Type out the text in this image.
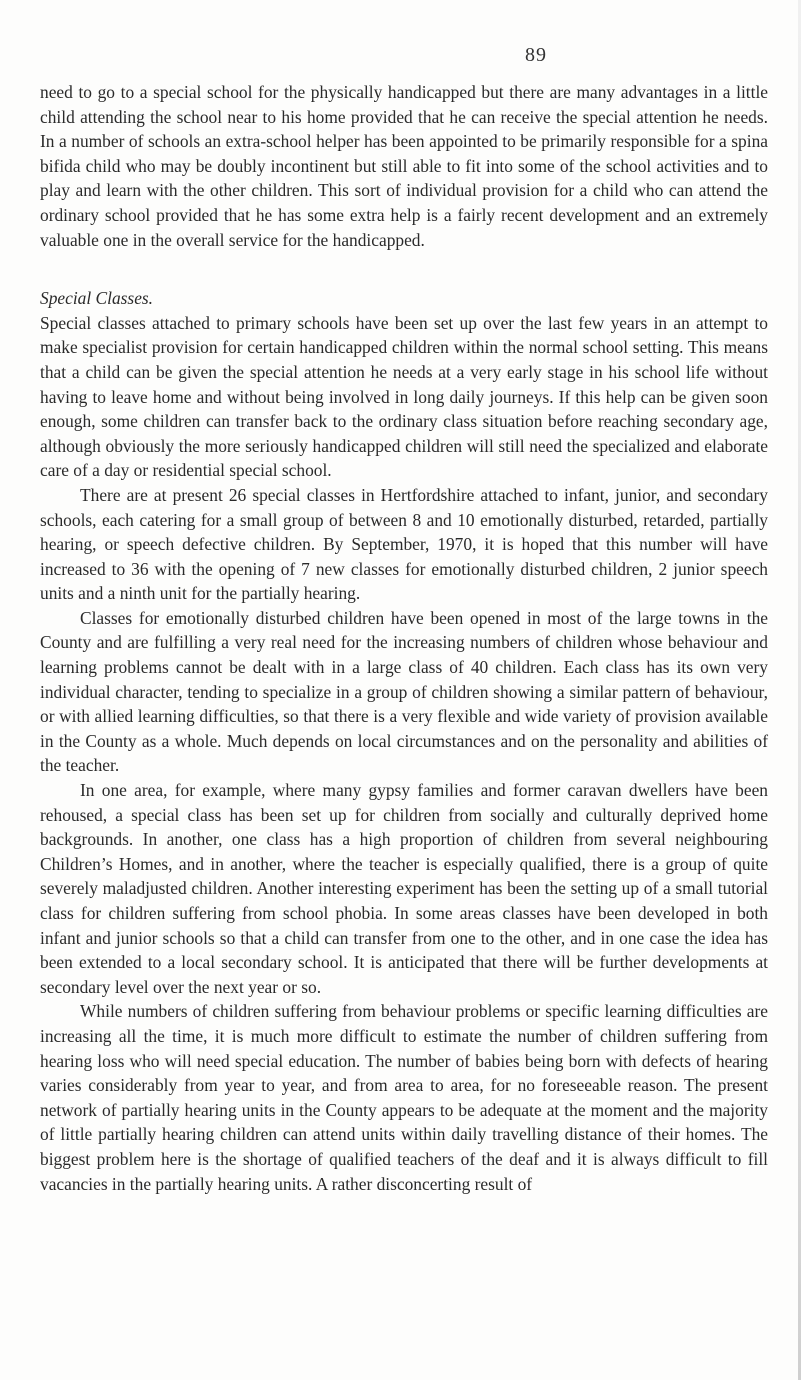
89

need to go to a special school for the physically handicapped but there are many advantages in a little child attending the school near to his home provided that he can receive the special attention he needs. In a number of schools an extra-school helper has been appointed to be primarily responsible for a spina bifida child who may be doubly incontinent but still able to fit into some of the school activities and to play and learn with the other children. This sort of individual provision for a child who can attend the ordinary school provided that he has some extra help is a fairly recent development and an extremely valuable one in the overall service for the handicapped.

Special Classes.

Special classes attached to primary schools have been set up over the last few years in an attempt to make specialist provision for certain handicapped children within the normal school setting. This means that a child can be given the special attention he needs at a very early stage in his school life without having to leave home and without being involved in long daily journeys. If this help can be given soon enough, some children can transfer back to the ordinary class situation before reaching secondary age, although obviously the more seriously handicapped children will still need the specialized and elaborate care of a day or residential special school.

There are at present 26 special classes in Hertfordshire attached to infant, junior, and secondary schools, each catering for a small group of between 8 and 10 emotionally disturbed, retarded, partially hearing, or speech defective children. By September, 1970, it is hoped that this number will have increased to 36 with the opening of 7 new classes for emotionally disturbed children, 2 junior speech units and a ninth unit for the partially hearing.

Classes for emotionally disturbed children have been opened in most of the large towns in the County and are fulfilling a very real need for the increasing numbers of children whose behaviour and learning problems cannot be dealt with in a large class of 40 children. Each class has its own very individual character, tending to specialize in a group of children showing a similar pattern of behaviour, or with allied learning difficulties, so that there is a very flexible and wide variety of provision available in the County as a whole. Much depends on local circumstances and on the personality and abilities of the teacher.

In one area, for example, where many gypsy families and former caravan dwellers have been rehoused, a special class has been set up for children from socially and culturally deprived home backgrounds. In another, one class has a high proportion of children from several neighbouring Children’s Homes, and in another, where the teacher is especially qualified, there is a group of quite severely maladjusted children. Another interesting experiment has been the setting up of a small tutorial class for children suffering from school phobia. In some areas classes have been developed in both infant and junior schools so that a child can transfer from one to the other, and in one case the idea has been extended to a local secondary school. It is anticipated that there will be further developments at secondary level over the next year or so.

While numbers of children suffering from behaviour problems or specific learning difficulties are increasing all the time, it is much more difficult to estimate the number of children suffering from hearing loss who will need special education. The number of babies being born with defects of hearing varies considerably from year to year, and from area to area, for no foreseeable reason. The present network of partially hearing units in the County appears to be adequate at the moment and the majority of little partially hearing children can attend units within daily travelling distance of their homes. The biggest problem here is the shortage of qualified teachers of the deaf and it is always difficult to fill vacancies in the partially hearing units. A rather disconcerting result of
